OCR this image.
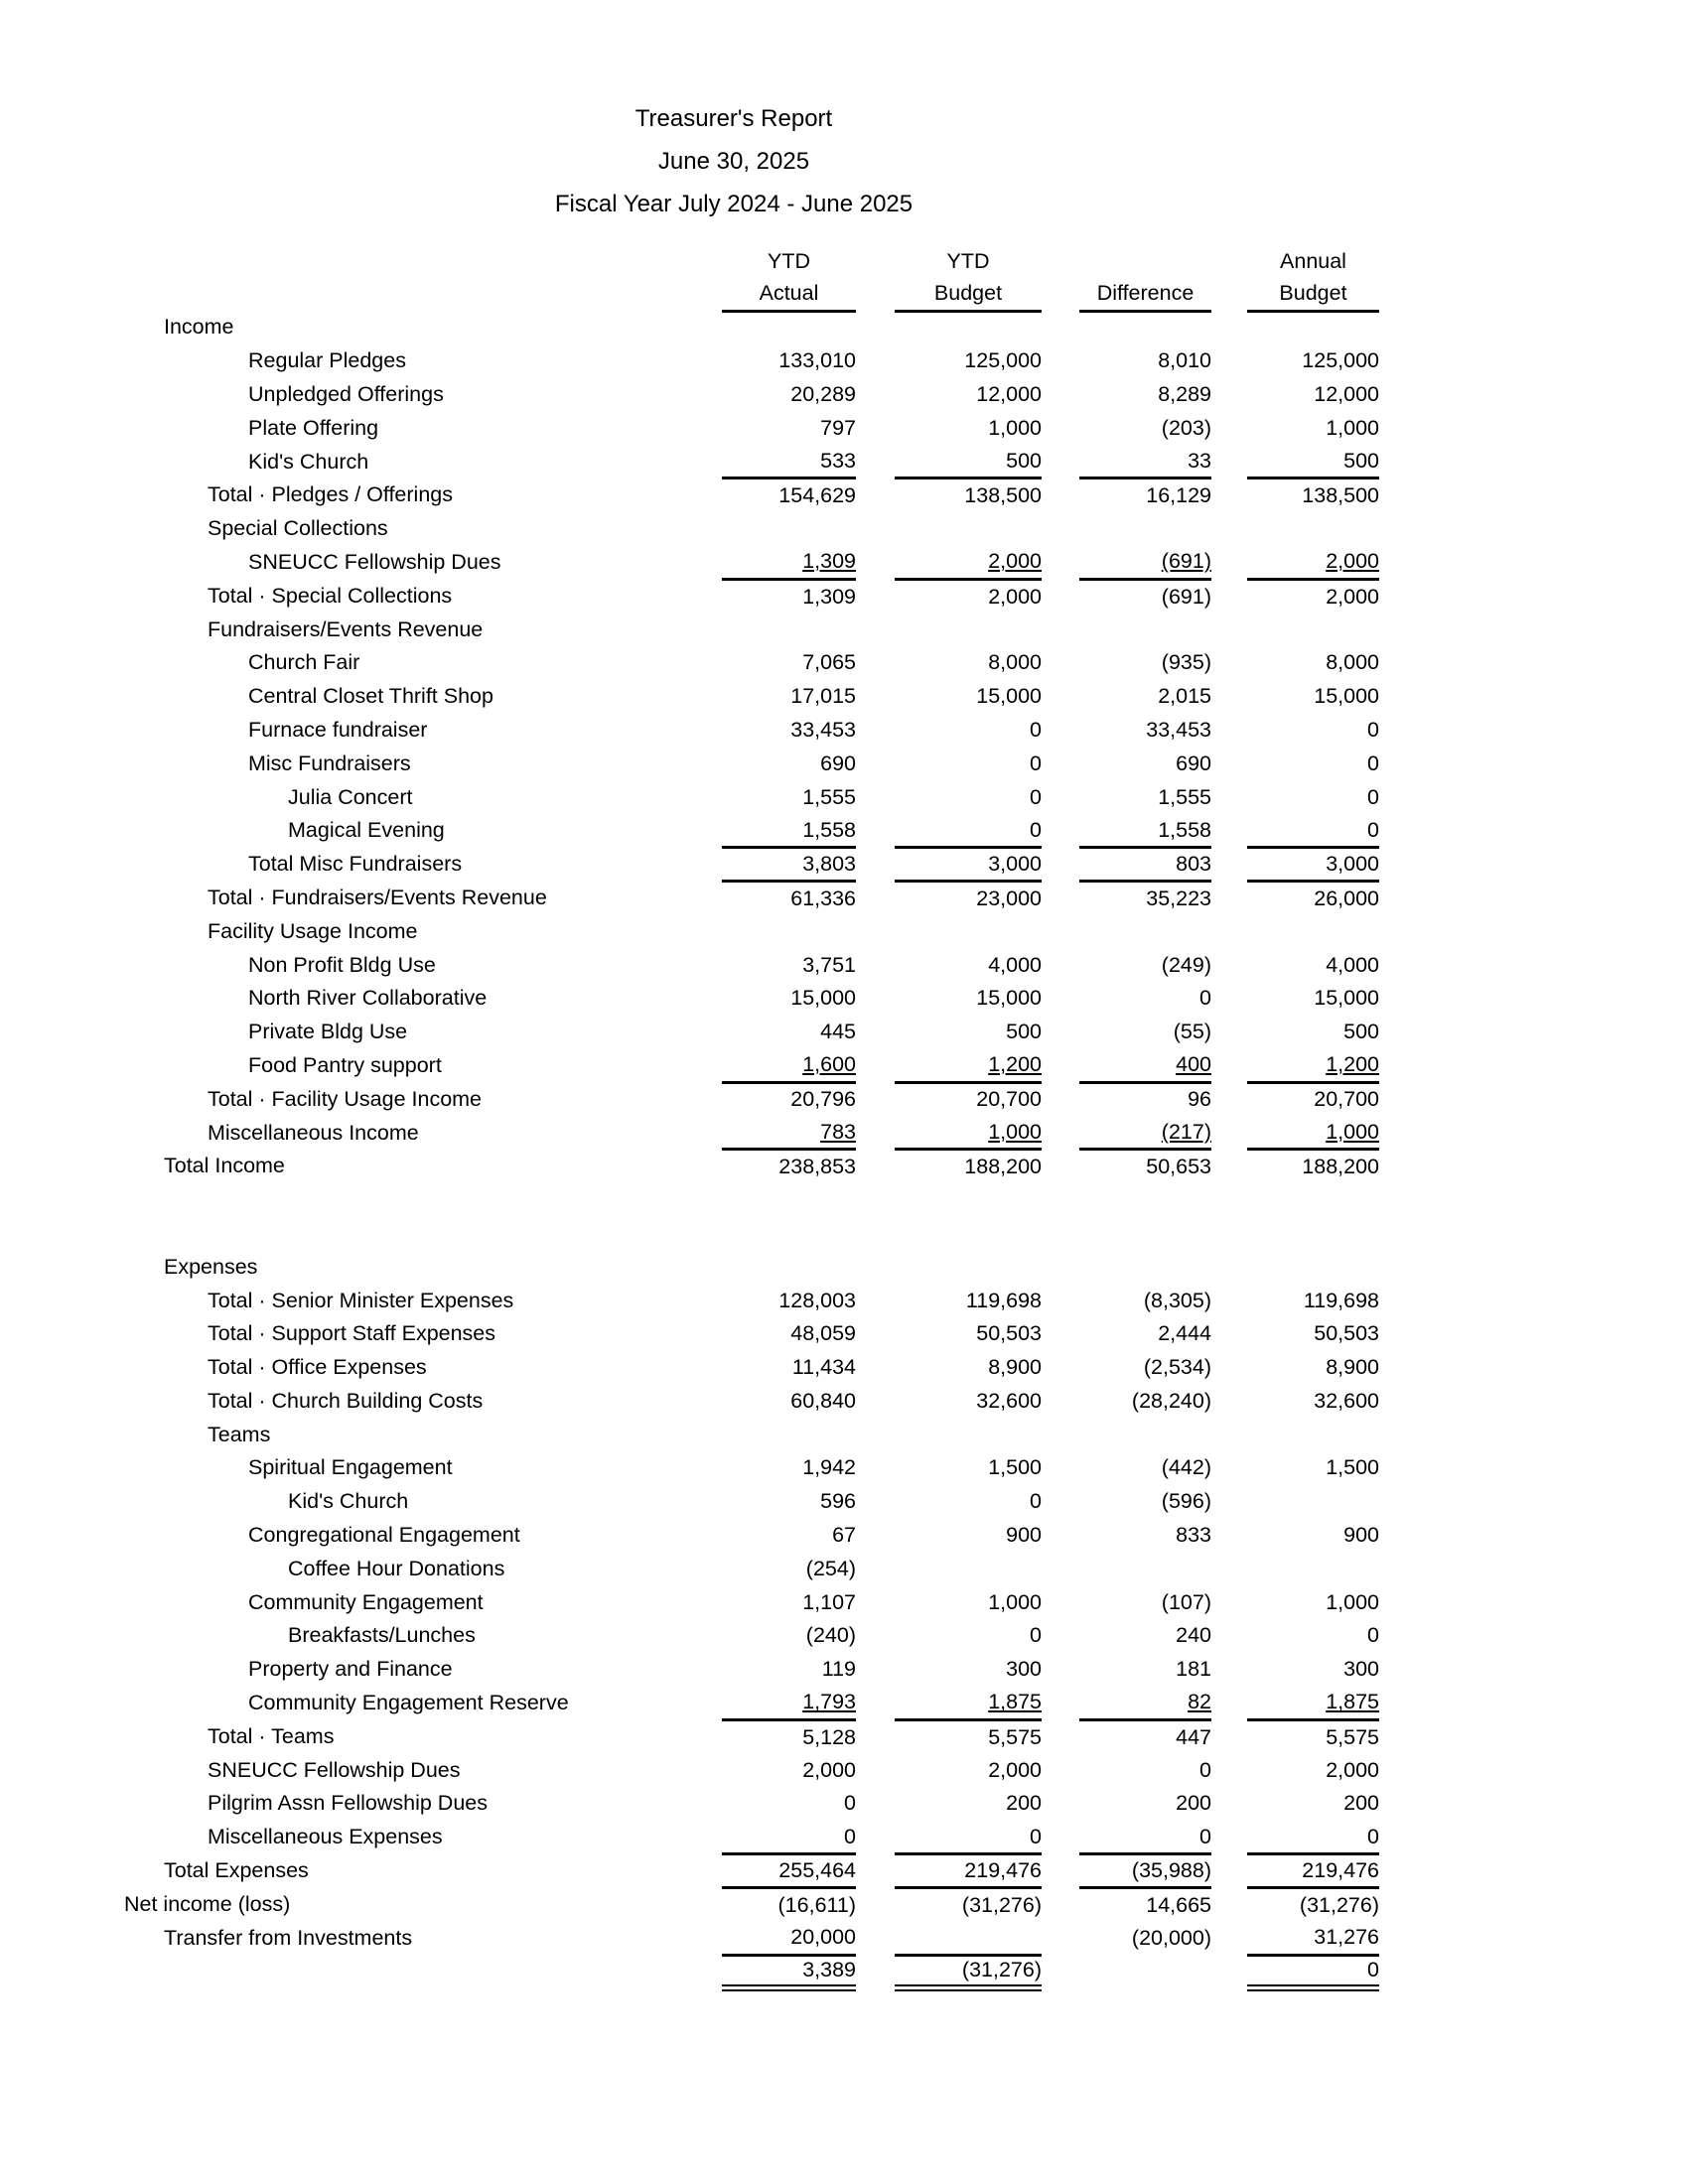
Treasurer's Report
June 30, 2025
Fiscal Year July 2024 - June 2025
		YTD		YTD				Annual
		Actual		Budget		Difference		Budget
Income								
Regular Pledges		133,010		125,000		8,010		125,000
Unpledged Offerings		20,289		12,000		8,289		12,000
Plate Offering		797		1,000		(203)		1,000
Kid's Church		533		500		33		500
Total · Pledges / Offerings		154,629		138,500		16,129		138,500
Special Collections								
SNEUCC Fellowship Dues		1,309		2,000		(691)		2,000
Total · Special Collections		1,309		2,000		(691)		2,000
Fundraisers/Events Revenue								
Church Fair		7,065		8,000		(935)		8,000
Central Closet Thrift Shop		17,015		15,000		2,015		15,000
Furnace fundraiser		33,453		0		33,453		0
Misc Fundraisers		690		0		690		0
Julia Concert		1,555		0		1,555		0
Magical Evening		1,558		0		1,558		0
Total Misc Fundraisers		3,803		3,000		803		3,000
Total · Fundraisers/Events Revenue		61,336		23,000		35,223		26,000
Facility Usage Income								
Non Profit Bldg Use		3,751		4,000		(249)		4,000
North River Collaborative		15,000		15,000		0		15,000
Private Bldg Use		445		500		(55)		500
Food Pantry support		1,600		1,200		400		1,200
Total · Facility Usage Income		20,796		20,700		96		20,700
Miscellaneous Income		783		1,000		(217)		1,000
Total Income		238,853		188,200		50,653		188,200

Expenses								
Total · Senior Minister Expenses		128,003		119,698		(8,305)		119,698
Total · Support Staff Expenses		48,059		50,503		2,444		50,503
Total · Office Expenses		11,434		8,900		(2,534)		8,900
Total · Church Building Costs		60,840		32,600		(28,240)		32,600
Teams								
Spiritual Engagement		1,942		1,500		(442)		1,500
Kid's Church		596		0		(596)		
Congregational Engagement		67		900		833		900
Coffee Hour Donations		(254)						
Community Engagement		1,107		1,000		(107)		1,000
Breakfasts/Lunches		(240)		0		240		0
Property and Finance		119		300		181		300
Community Engagement Reserve		1,793		1,875		82		1,875
Total · Teams		5,128		5,575		447		5,575
SNEUCC Fellowship Dues		2,000		2,000		0		2,000
Pilgrim Assn Fellowship Dues		0		200		200		200
Miscellaneous Expenses		0		0		0		0
Total Expenses		255,464		219,476		(35,988)		219,476
Net income (loss)		(16,611)		(31,276)		14,665		(31,276)
Transfer from Investments		20,000				(20,000)		31,276
		3,389		(31,276)				0
